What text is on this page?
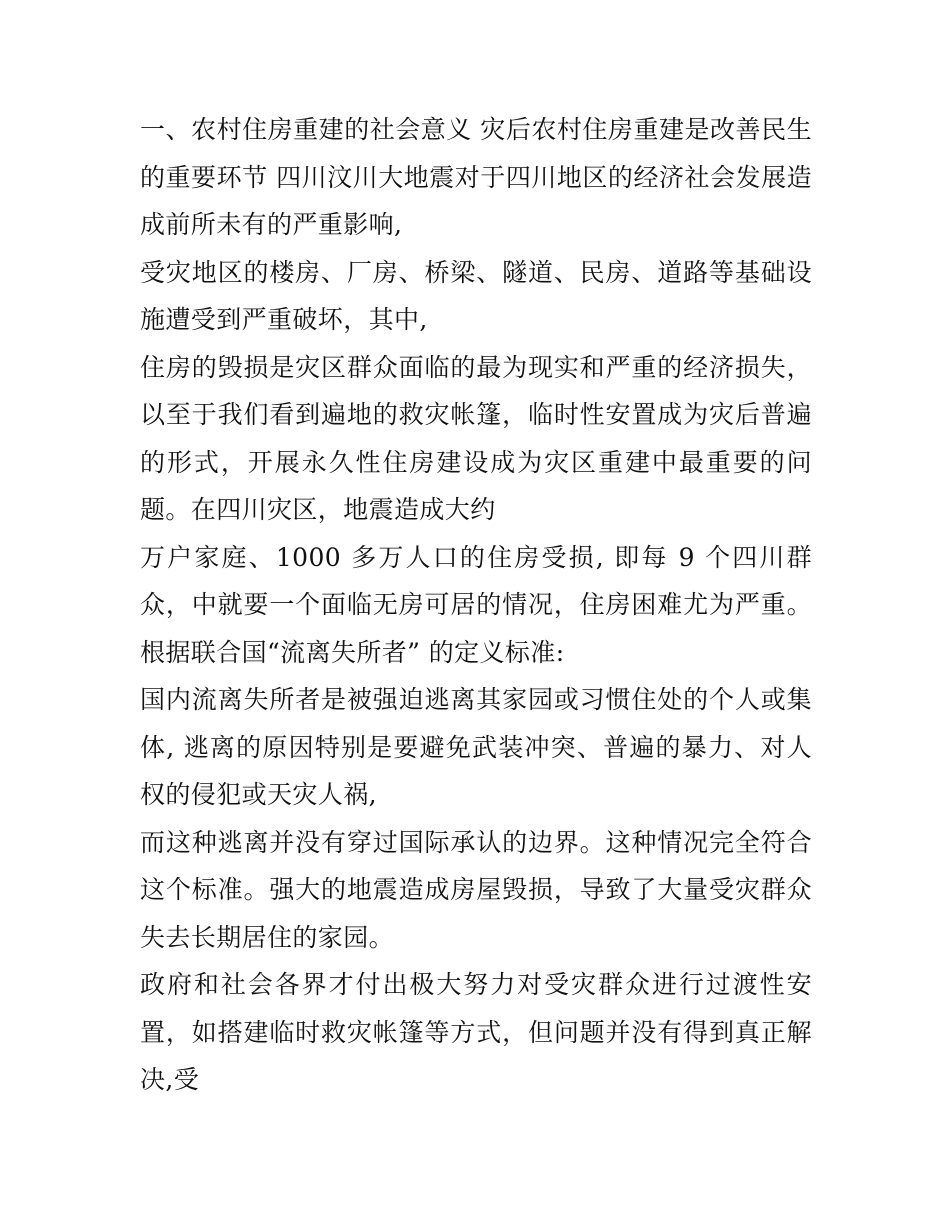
一、农村住房重建的社会意义 灾后农村住房重建是改善民生的重要环节 四川汶川大地震对于四川地区的经济社会发展造成前所未有的严重影响,

受灾地区的楼房、厂房、桥梁、隧道、民房、道路等基础设施遭受到严重破坏，其中,

住房的毁损是灾区群众面临的最为现实和严重的经济损失，以至于我们看到遍地的救灾帐篷，临时性安置成为灾后普遍的形式，开展永久性住房建设成为灾区重建中最重要的问题。在四川灾区，地震造成大约

万户家庭、1000 多万人口的住房受损, 即每 9 个四川群众，中就要一个面临无房可居的情况，住房困难尤为严重。根据联合国“流离失所者” 的定义标准:

国内流离失所者是被强迫逃离其家园或习惯住处的个人或集体, 逃离的原因特别是要避免武装冲突、普遍的暴力、对人权的侵犯或天灾人祸,

而这种逃离并没有穿过国际承认的边界。这种情况完全符合这个标准。强大的地震造成房屋毁损，导致了大量受灾群众失去长期居住的家园。

政府和社会各界才付出极大努力对受灾群众进行过渡性安置，如搭建临时救灾帐篷等方式，但问题并没有得到真正解决,受
